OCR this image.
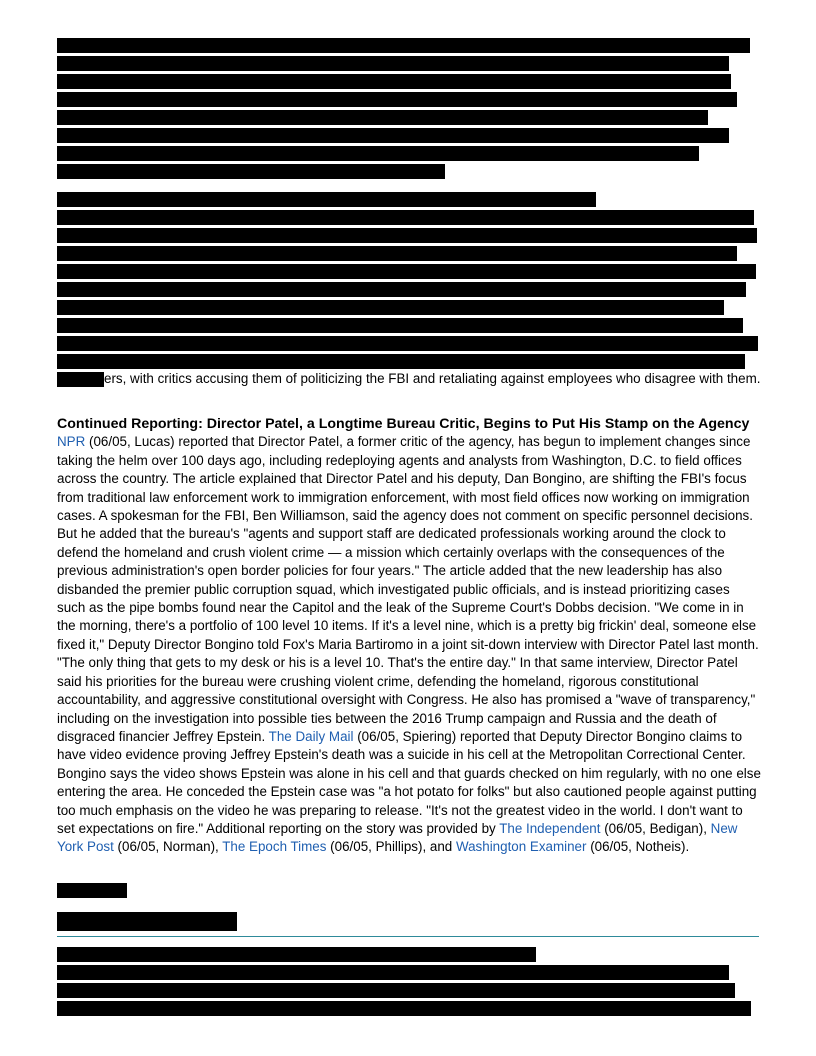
ers, with critics accusing them of politicizing the FBI and retaliating against employees who disagree with them.
Continued Reporting: Director Patel, a Longtime Bureau Critic, Begins to Put His Stamp on the Agency
NPR (06/05, Lucas) reported that Director Patel, a former critic of the agency, has begun to implement changes since taking the helm over 100 days ago, including redeploying agents and analysts from Washington, D.C. to field offices across the country. The article explained that Director Patel and his deputy, Dan Bongino, are shifting the FBI's focus from traditional law enforcement work to immigration enforcement, with most field offices now working on immigration cases. A spokesman for the FBI, Ben Williamson, said the agency does not comment on specific personnel decisions. But he added that the bureau's "agents and support staff are dedicated professionals working around the clock to defend the homeland and crush violent crime — a mission which certainly overlaps with the consequences of the previous administration's open border policies for four years." The article added that the new leadership has also disbanded the premier public corruption squad, which investigated public officials, and is instead prioritizing cases such as the pipe bombs found near the Capitol and the leak of the Supreme Court's Dobbs decision. "We come in in the morning, there's a portfolio of 100 level 10 items. If it's a level nine, which is a pretty big frickin' deal, someone else fixed it," Deputy Director Bongino told Fox's Maria Bartiromo in a joint sit-down interview with Director Patel last month. "The only thing that gets to my desk or his is a level 10. That's the entire day." In that same interview, Director Patel said his priorities for the bureau were crushing violent crime, defending the homeland, rigorous constitutional accountability, and aggressive constitutional oversight with Congress. He also has promised a "wave of transparency," including on the investigation into possible ties between the 2016 Trump campaign and Russia and the death of disgraced financier Jeffrey Epstein. The Daily Mail (06/05, Spiering) reported that Deputy Director Bongino claims to have video evidence proving Jeffrey Epstein's death was a suicide in his cell at the Metropolitan Correctional Center. Bongino says the video shows Epstein was alone in his cell and that guards checked on him regularly, with no one else entering the area. He conceded the Epstein case was "a hot potato for folks" but also cautioned people against putting too much emphasis on the video he was preparing to release. "It's not the greatest video in the world. I don't want to set expectations on fire." Additional reporting on the story was provided by The Independent (06/05, Bedigan), New York Post (06/05, Norman), The Epoch Times (06/05, Phillips), and Washington Examiner (06/05, Notheis).
